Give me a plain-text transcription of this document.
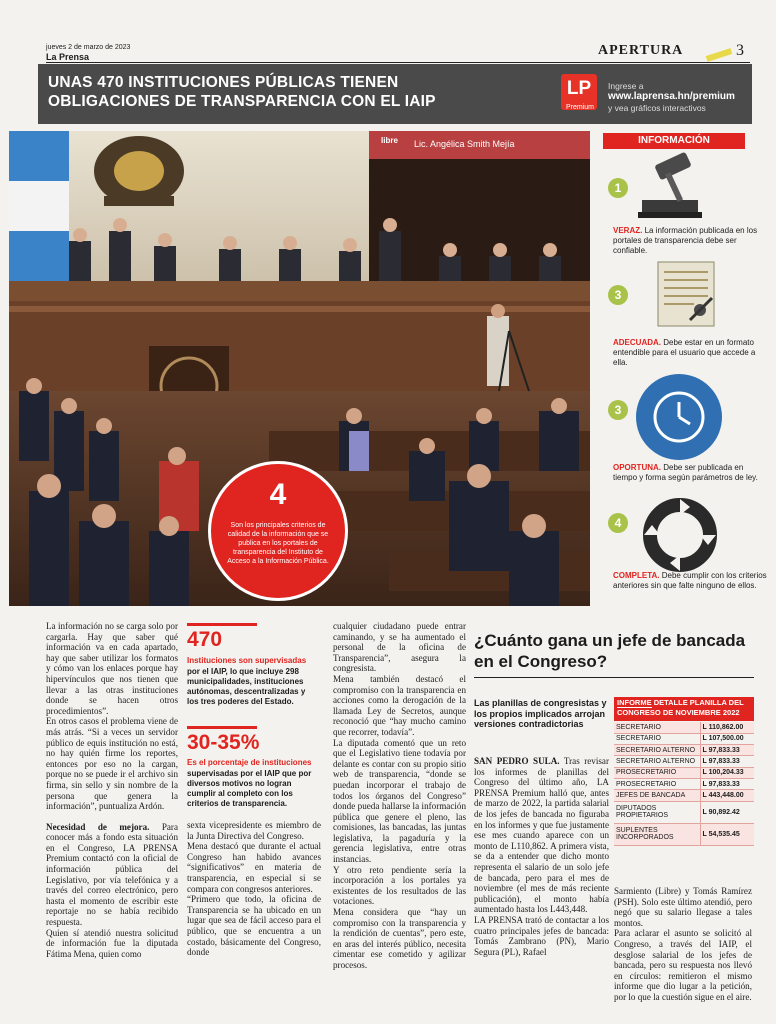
jueves 2 de marzo de 2023
La Prensa	APERTURA	3
UNAS 470 INSTITUCIONES PÚBLICAS TIENEN
OBLIGACIONES DE TRANSPARENCIA CON EL IAIP
LP
Premium
Ingrese a
www.laprensa.hn/premium
y vea gráficos interactivos
libre Lic. Angélica Smith Mejía
4
Son los principales criterios de calidad de la información que se publica en los portales de transparencia del Instituto de Acceso a la Información Pública.
INFORMACIÓN
1
VERAZ. La información publicada en los portales de transparencia debe ser confiable.
3
ADECUADA. Debe estar en un formato entendible para el usuario que accede a ella.
3
OPORTUNA. Debe ser publicada en tiempo y forma según parámetros de ley.
4
COMPLETA. Debe cumplir con los criterios anteriores sin que falte ninguno de ellos.

La información no se carga solo por cargarla. Hay que saber qué información va en cada apartado, hay que saber utilizar los formatos y cómo van los enlaces porque hay hipervínculos que nos tienen que llevar a las otras instituciones donde se hacen otros procedimientos”.

En otros casos el problema viene de más atrás. “Si a veces un servidor público de equis institución no está, no hay quién firme los reportes, entonces por eso no la cargan, porque no se puede ir el archivo sin firma, sin sello y sin nombre de la persona que genera la información”, puntualiza Ardón.

Necesidad de mejora. Para conocer más a fondo esta situación en el Congreso, LA PRENSA Premium contactó con la oficial de información pública del Legislativo, por vía telefónica y a través del correo electrónico, pero hasta el momento de escribir este reportaje no se había recibido respuesta.

Quien sí atendió nuestra solicitud de información fue la diputada Fátima Mena, quien como

470
Instituciones son supervisadas
por el IAIP, lo que incluye 298 municipalidades, instituciones autónomas, descentralizadas y los tres poderes del Estado.
30-35%
Es el porcentaje de instituciones
supervisadas por el IAIP que por diversos motivos no logran cumplir al completo con los criterios de transparencia.

sexta vicepresidente es miembro de la Junta Directiva del Congreso.

Mena destacó que durante el actual Congreso han habido avances “significativos” en materia de transparencia, en especial si se compara con congresos anteriores.

“Primero que todo, la oficina de Transparencia se ha ubicado en un lugar que sea de fácil acceso para el público, que se encuentra a un costado, básicamente del Congreso, donde

cualquier ciudadano puede entrar caminando, y se ha aumentado el personal de la oficina de Transparencia”, asegura la congresista.

Mena también destacó el compromiso con la transparencia en acciones como la derogación de la llamada Ley de Secretos, aunque reconoció que “hay mucho camino que recorrer, todavía”.

La diputada comentó que un reto que el Legislativo tiene todavía por delante es contar con su propio sitio web de transparencia, “donde se puedan incorporar el trabajo de todos los órganos del Congreso” donde pueda hallarse la información pública que genere el pleno, las comisiones, las bancadas, las juntas legislativa, la pagaduría y la gerencia legislativa, entre otras instancias.

Y otro reto pendiente sería la incorporación a los portales ya existentes de los resultados de las votaciones.

Mena considera que “hay un compromiso con la transparencia y la rendición de cuentas”, pero este, en aras del interés público, necesita cimentar ese cometido y agilizar procesos.

¿Cuánto gana un jefe de bancada en el Congreso?
Las planillas de congresistas y los propios implicados arrojan versiones contradictorias

SAN PEDRO SULA. Tras revisar los informes de planillas del Congreso del último año, LA PRENSA Premium halló que, antes de marzo de 2022, la partida salarial de los jefes de bancada no figuraba en los informes y que fue justamente ese mes cuando aparece con un monto de L110,862. A primera vista, se da a entender que dicho monto representa el salario de un solo jefe de bancada, pero para el mes de noviembre (el mes de más reciente publicación), el monto había aumentado hasta los L443,448.

LA PRENSA trató de contactar a los cuatro principales jefes de bancada: Tomás Zambrano (PN), Mario Segura (PL), Rafael

Sarmiento (Libre) y Tomás Ramírez (PSH). Solo este último atendió, pero negó que su salario llegase a tales montos.

Para aclarar el asunto se solicitó al Congreso, a través del IAIP, el desglose salarial de los jefes de bancada, pero su respuesta nos llevó en círculos: remitieron el mismo informe que dio lugar a la petición, por lo que la cuestión sigue en el aire.

INFORME DETALLE PLANILLA DEL CONGRESO DE NOVIEMBRE 2022
SECRETARIO	L 110,862.00
SECRETARIO	L 107,500.00
SECRETARIO ALTERNO	L 97,833.33
SECRETARIO ALTERNO	L 97,833.33
PROSECRETARIO	L 100,204.33
PROSECRETARIO	L 97,833.33
JEFES DE BANCADA	L 443,448.00
DIPUTADOS PROPIETARIOS	L 90,892.42
SUPLENTES INCORPORADOS	L 54,535.45
